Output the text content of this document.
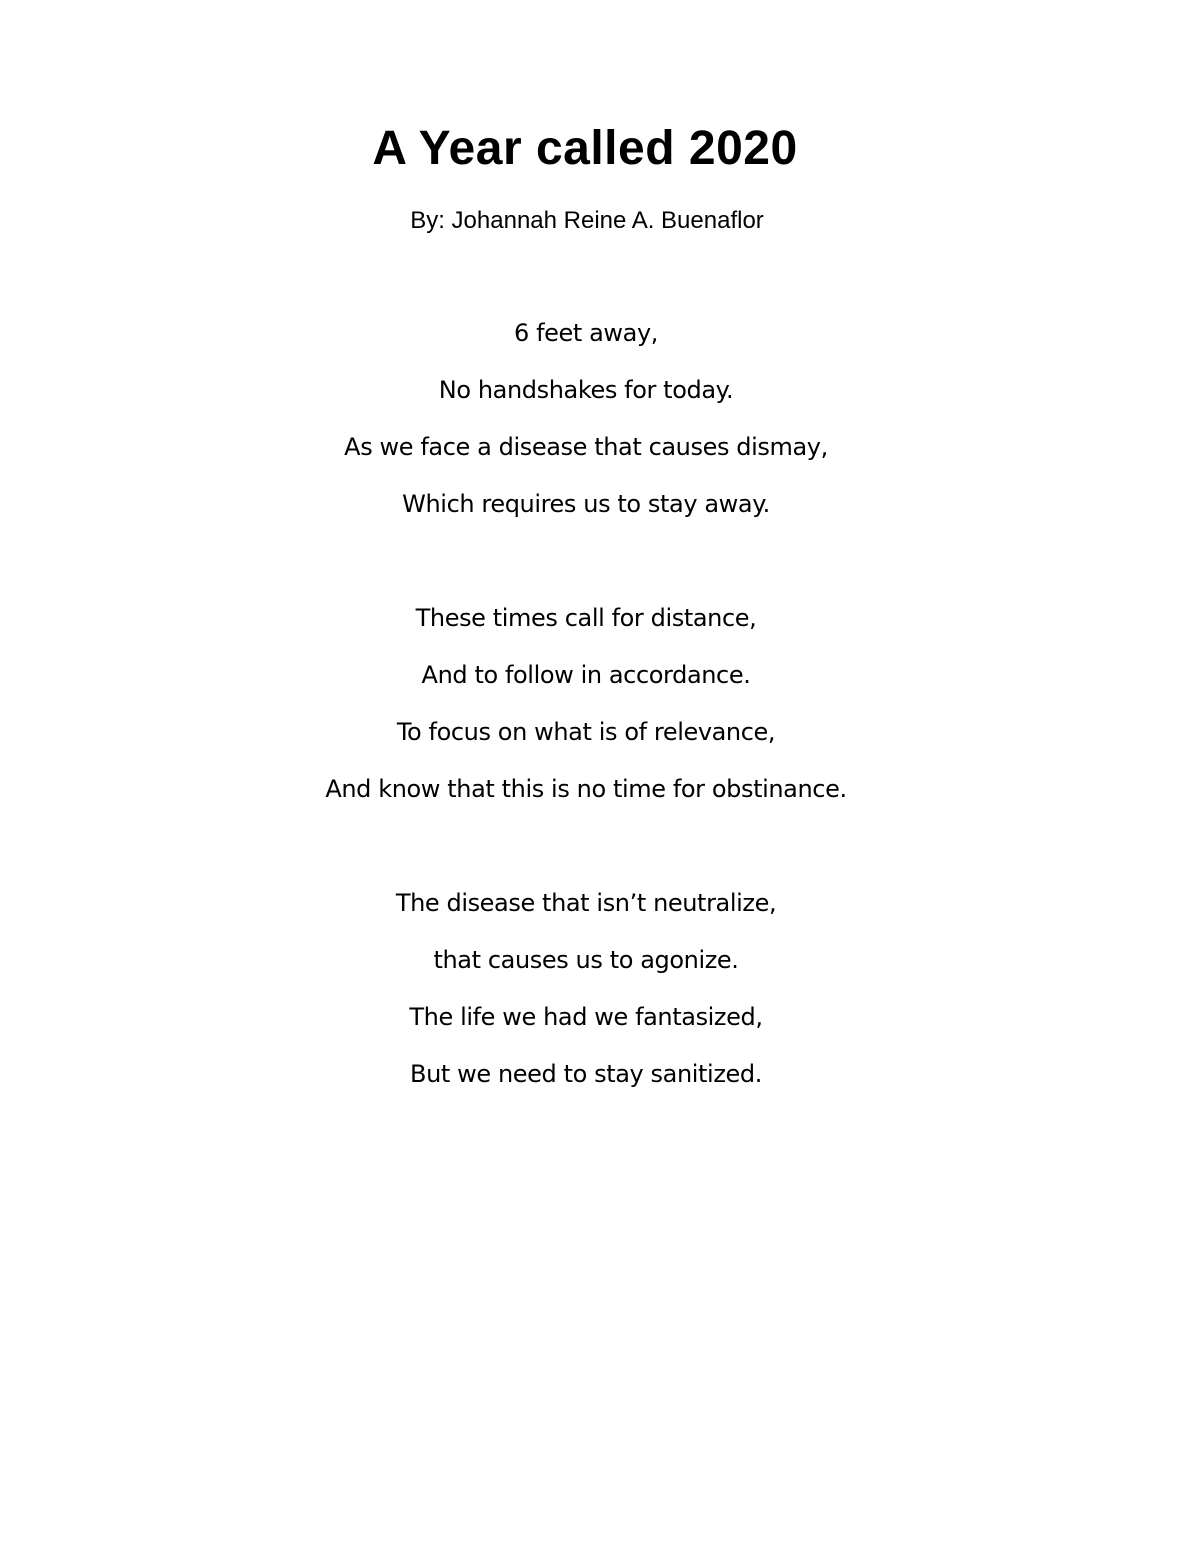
A Year called 2020

By: Johannah Reine A. Buenaflor

6 feet away,
No handshakes for today.
As we face a disease that causes dismay,
Which requires us to stay away.
These times call for distance,
And to follow in accordance.
To focus on what is of relevance,
And know that this is no time for obstinance.
The disease that isn’t neutralize,
that causes us to agonize.
The life we had we fantasized,
But we need to stay sanitized.
